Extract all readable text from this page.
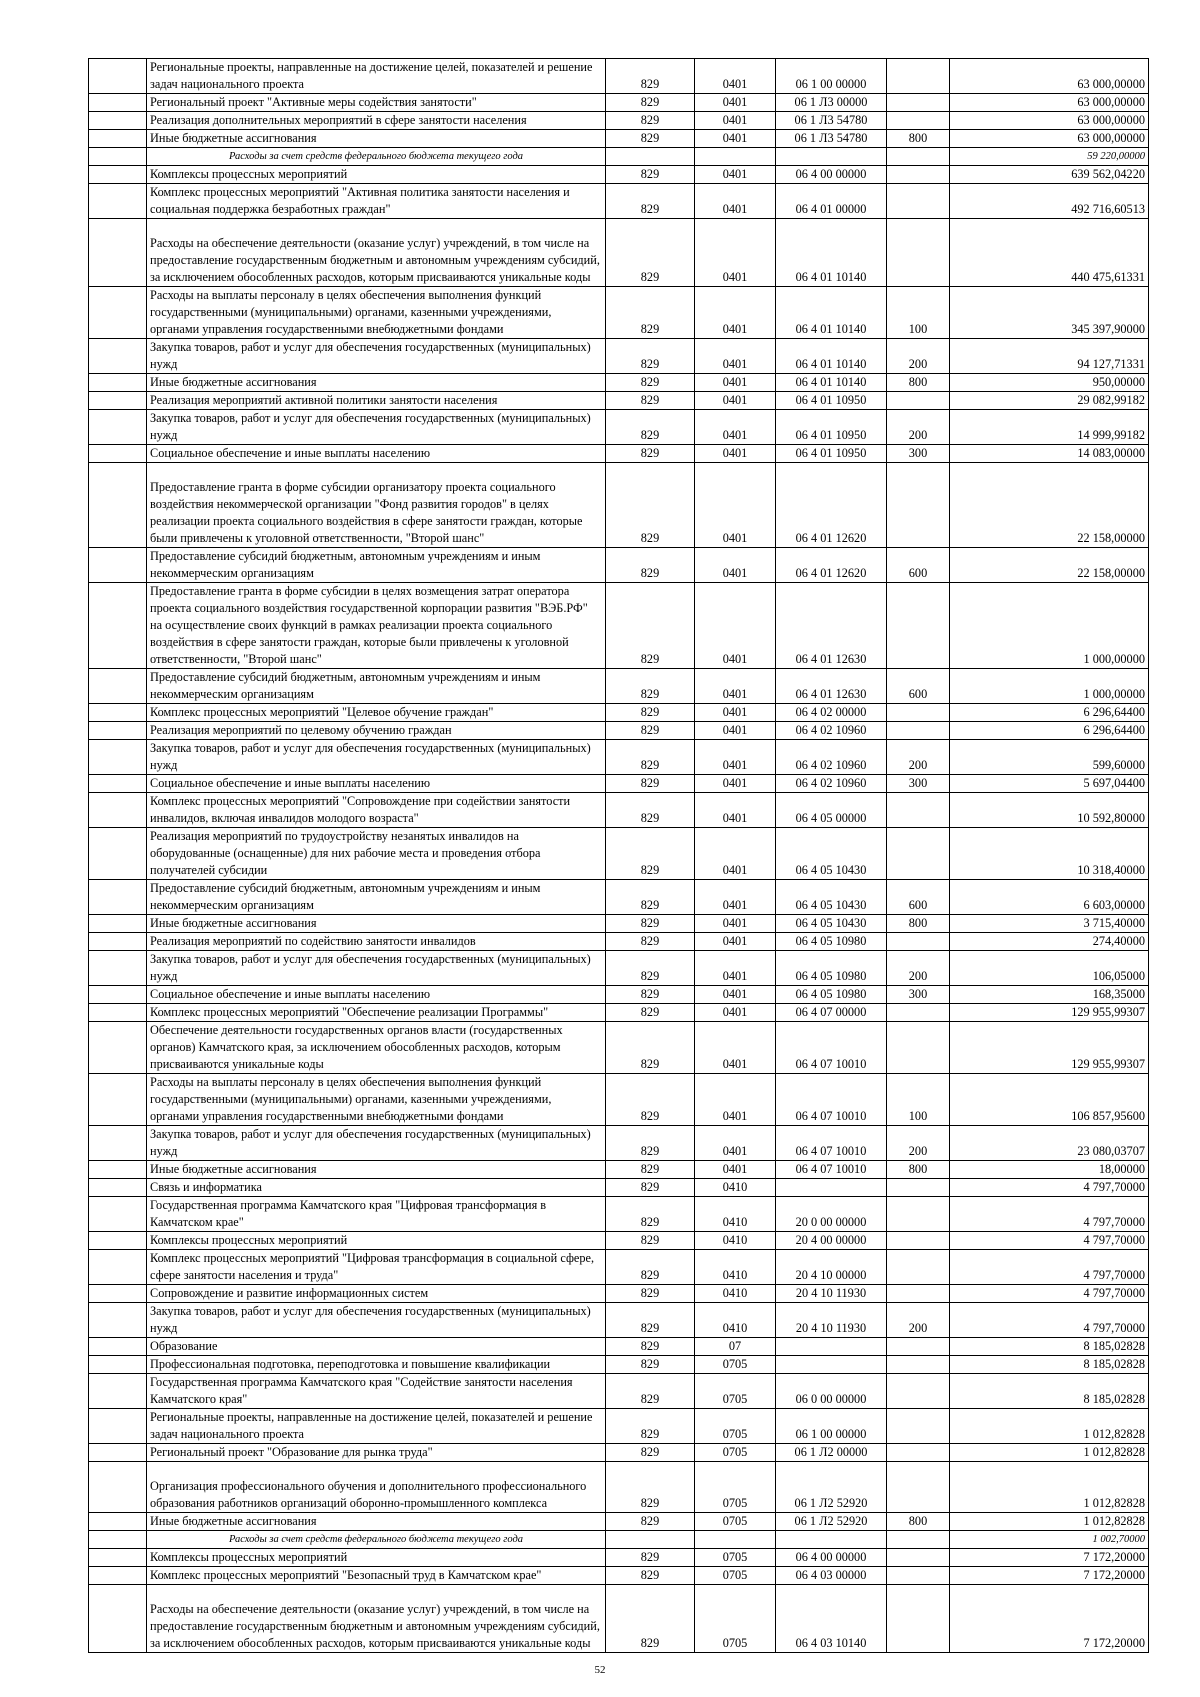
	Региональные проекты, направленные на достижение целей, показателей и решение задач национального проекта	829	0401	06 1 00 00000		63 000,00000
	Региональный проект "Активные меры содействия занятости"	829	0401	06 1 Л3 00000		63 000,00000
	Реализация дополнительных мероприятий в сфере занятости населения	829	0401	06 1 Л3 54780		63 000,00000
	Иные бюджетные ассигнования	829	0401	06 1 Л3 54780	800	63 000,00000
	Расходы за счет средств федерального бюджета текущего года					59 220,00000
	Комплексы процессных мероприятий	829	0401	06 4 00 00000		639 562,04220
	Комплекс процессных мероприятий "Активная политика занятости населения и социальная поддержка безработных граждан"	829	0401	06 4 01 00000		492 716,60513
	Расходы на обеспечение деятельности (оказание услуг) учреждений, в том числе на предоставление государственным бюджетным и автономным учреждениям субсидий, за исключением обособленных расходов, которым присваиваются уникальные коды	829	0401	06 4 01 10140		440 475,61331
	Расходы на выплаты персоналу в целях обеспечения выполнения функций государственными (муниципальными) органами, казенными учреждениями, органами управления государственными внебюджетными фондами	829	0401	06 4 01 10140	100	345 397,90000
	Закупка товаров, работ и услуг для обеспечения государственных (муниципальных) нужд	829	0401	06 4 01 10140	200	94 127,71331
	Иные бюджетные ассигнования	829	0401	06 4 01 10140	800	950,00000
	Реализация мероприятий активной политики занятости населения	829	0401	06 4 01 10950		29 082,99182
	Закупка товаров, работ и услуг для обеспечения государственных (муниципальных) нужд	829	0401	06 4 01 10950	200	14 999,99182
	Социальное обеспечение и иные выплаты населению	829	0401	06 4 01 10950	300	14 083,00000
	Предоставление гранта в форме субсидии организатору проекта социального воздействия некоммерческой организации "Фонд развития городов" в целях реализации проекта социального воздействия в сфере занятости граждан, которые были привлечены к уголовной ответственности, "Второй шанс"	829	0401	06 4 01 12620		22 158,00000
	Предоставление субсидий бюджетным, автономным учреждениям и иным некоммерческим организациям	829	0401	06 4 01 12620	600	22 158,00000
	Предоставление гранта в форме субсидии в целях возмещения затрат оператора проекта социального воздействия государственной корпорации развития "ВЭБ.РФ" на осуществление своих функций в рамках реализации проекта социального воздействия в сфере занятости граждан, которые были привлечены к уголовной ответственности, "Второй шанс"	829	0401	06 4 01 12630		1 000,00000
	Предоставление субсидий бюджетным, автономным учреждениям и иным некоммерческим организациям	829	0401	06 4 01 12630	600	1 000,00000
	Комплекс процессных мероприятий "Целевое обучение граждан"	829	0401	06 4 02 00000		6 296,64400
	Реализация мероприятий по целевому обучению граждан	829	0401	06 4 02 10960		6 296,64400
	Закупка товаров, работ и услуг для обеспечения государственных (муниципальных) нужд	829	0401	06 4 02 10960	200	599,60000
	Социальное обеспечение и иные выплаты населению	829	0401	06 4 02 10960	300	5 697,04400
	Комплекс процессных мероприятий "Сопровождение при содействии занятости инвалидов, включая инвалидов молодого возраста"	829	0401	06 4 05 00000		10 592,80000
	Реализация мероприятий по трудоустройству незанятых инвалидов на оборудованные (оснащенные) для них рабочие места и проведения отбора получателей субсидии	829	0401	06 4 05 10430		10 318,40000
	Предоставление субсидий бюджетным, автономным учреждениям и иным некоммерческим организациям	829	0401	06 4 05 10430	600	6 603,00000
	Иные бюджетные ассигнования	829	0401	06 4 05 10430	800	3 715,40000
	Реализация мероприятий по содействию занятости инвалидов	829	0401	06 4 05 10980		274,40000
	Закупка товаров, работ и услуг для обеспечения государственных (муниципальных) нужд	829	0401	06 4 05 10980	200	106,05000
	Социальное обеспечение и иные выплаты населению	829	0401	06 4 05 10980	300	168,35000
	Комплекс процессных мероприятий "Обеспечение реализации Программы"	829	0401	06 4 07 00000		129 955,99307
	Обеспечение деятельности государственных органов власти (государственных органов) Камчатского края, за исключением обособленных расходов, которым присваиваются уникальные коды	829	0401	06 4 07 10010		129 955,99307
	Расходы на выплаты персоналу в целях обеспечения выполнения функций государственными (муниципальными) органами, казенными учреждениями, органами управления государственными внебюджетными фондами	829	0401	06 4 07 10010	100	106 857,95600
	Закупка товаров, работ и услуг для обеспечения государственных (муниципальных) нужд	829	0401	06 4 07 10010	200	23 080,03707
	Иные бюджетные ассигнования	829	0401	06 4 07 10010	800	18,00000
	Связь и информатика	829	0410			4 797,70000
	Государственная программа Камчатского края "Цифровая трансформация в Камчатском крае"	829	0410	20 0 00 00000		4 797,70000
	Комплексы процессных мероприятий	829	0410	20 4 00 00000		4 797,70000
	Комплекс процессных мероприятий "Цифровая трансформация в социальной сфере, сфере занятости населения и труда"	829	0410	20 4 10 00000		4 797,70000
	Сопровождение и развитие информационных систем	829	0410	20 4 10 11930		4 797,70000
	Закупка товаров, работ и услуг для обеспечения государственных (муниципальных) нужд	829	0410	20 4 10 11930	200	4 797,70000
	Образование	829	07			8 185,02828
	Профессиональная подготовка, переподготовка и повышение квалификации	829	0705			8 185,02828
	Государственная программа Камчатского края "Содействие занятости населения Камчатского края"	829	0705	06 0 00 00000		8 185,02828
	Региональные проекты, направленные на достижение целей, показателей и решение задач национального проекта	829	0705	06 1 00 00000		1 012,82828
	Региональный проект "Образование для рынка труда"	829	0705	06 1 Л2 00000		1 012,82828
	Организация профессионального обучения и дополнительного профессионального образования работников организаций оборонно-промышленного комплекса	829	0705	06 1 Л2 52920		1 012,82828
	Иные бюджетные ассигнования	829	0705	06 1 Л2 52920	800	1 012,82828
	Расходы за счет средств федерального бюджета текущего года					1 002,70000
	Комплексы процессных мероприятий	829	0705	06 4 00 00000		7 172,20000
	Комплекс процессных мероприятий "Безопасный труд в Камчатском крае"	829	0705	06 4 03 00000		7 172,20000
	Расходы на обеспечение деятельности (оказание услуг) учреждений, в том числе на предоставление государственным бюджетным и автономным учреждениям субсидий, за исключением обособленных расходов, которым присваиваются уникальные коды	829	0705	06 4 03 10140		7 172,20000
52
